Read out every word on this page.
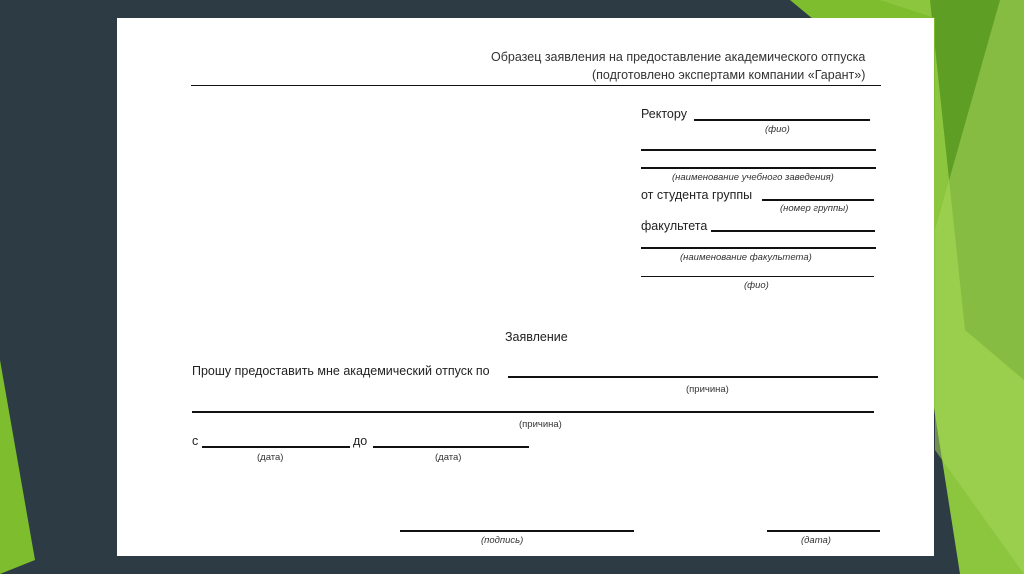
Образец заявления на предоставление академического отпуска
(подготовлено экспертами компании «Гарант»)
Ректору
(фио)
(наименование учебного заведения)
от студента группы
(номер группы)
факультета
(наименование факультета)
(фио)
Заявление
Прошу предоставить мне академический отпуск по
(причина)
(причина)
с	до
(дата)	(дата)
(подпись)	(дата)
